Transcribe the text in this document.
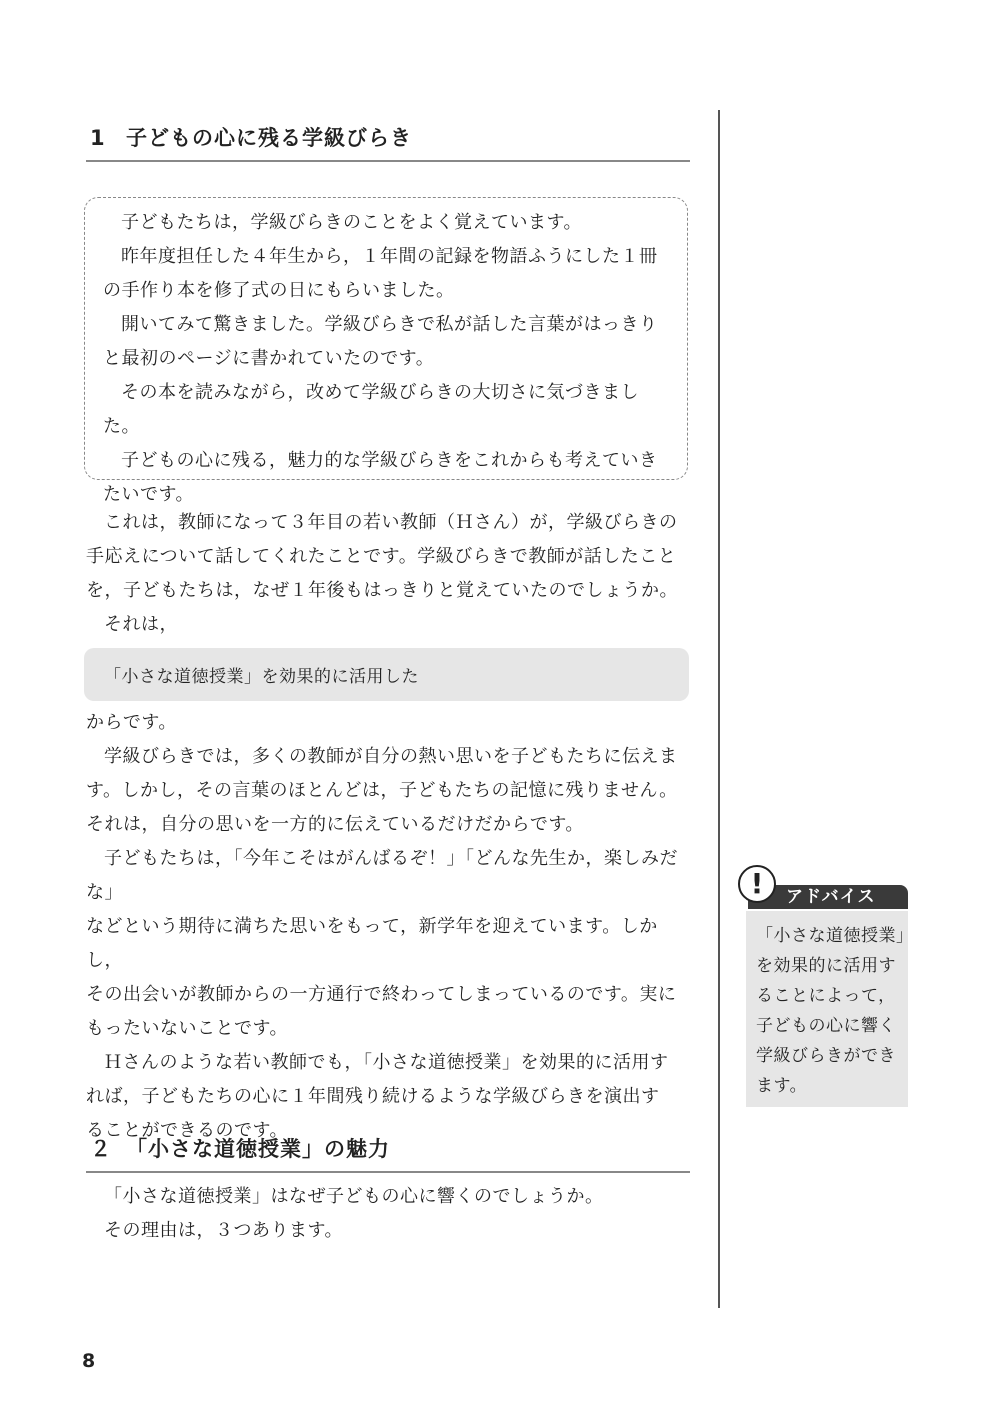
1 子どもの心に残る学級びらき

子どもたちは，学級びらきのことをよく覚えています。

昨年度担任した４年生から，１年間の記録を物語ふうにした１冊

の手作り本を修了式の日にもらいました。

開いてみて驚きました。学級びらきで私が話した言葉がはっきり

と最初のページに書かれていたのです。

その本を読みながら，改めて学級びらきの大切さに気づきました。

子どもの心に残る，魅力的な学級びらきをこれからも考えていき

たいです。

これは，教師になって３年目の若い教師（Ｈさん）が，学級びらきの

手応えについて話してくれたことです。学級びらきで教師が話したこと

を，子どもたちは，なぜ１年後もはっきりと覚えていたのでしょうか。

それは，

「小さな道徳授業」を効果的に活用した

からです。

学級びらきでは，多くの教師が自分の熱い思いを子どもたちに伝えま

す。しかし，その言葉のほとんどは，子どもたちの記憶に残りません。

それは，自分の思いを一方的に伝えているだけだからです。

子どもたちは，「今年こそはがんばるぞ！」「どんな先生か，楽しみだな」

などという期待に満ちた思いをもって，新学年を迎えています。しかし，

その出会いが教師からの一方通行で終わってしまっているのです。実に

もったいないことです。

Ｈさんのような若い教師でも，「小さな道徳授業」を効果的に活用す

れば，子どもたちの心に１年間残り続けるような学級びらきを演出す

ることができるのです。

２ 「小さな道徳授業」の魅力

「小さな道徳授業」はなぜ子どもの心に響くのでしょうか。

その理由は，３つあります。

!	アドバイス

「小さな道徳授業」

を効果的に活用す

ることによって，

子どもの心に響く

学級びらきができ

ます。

8
